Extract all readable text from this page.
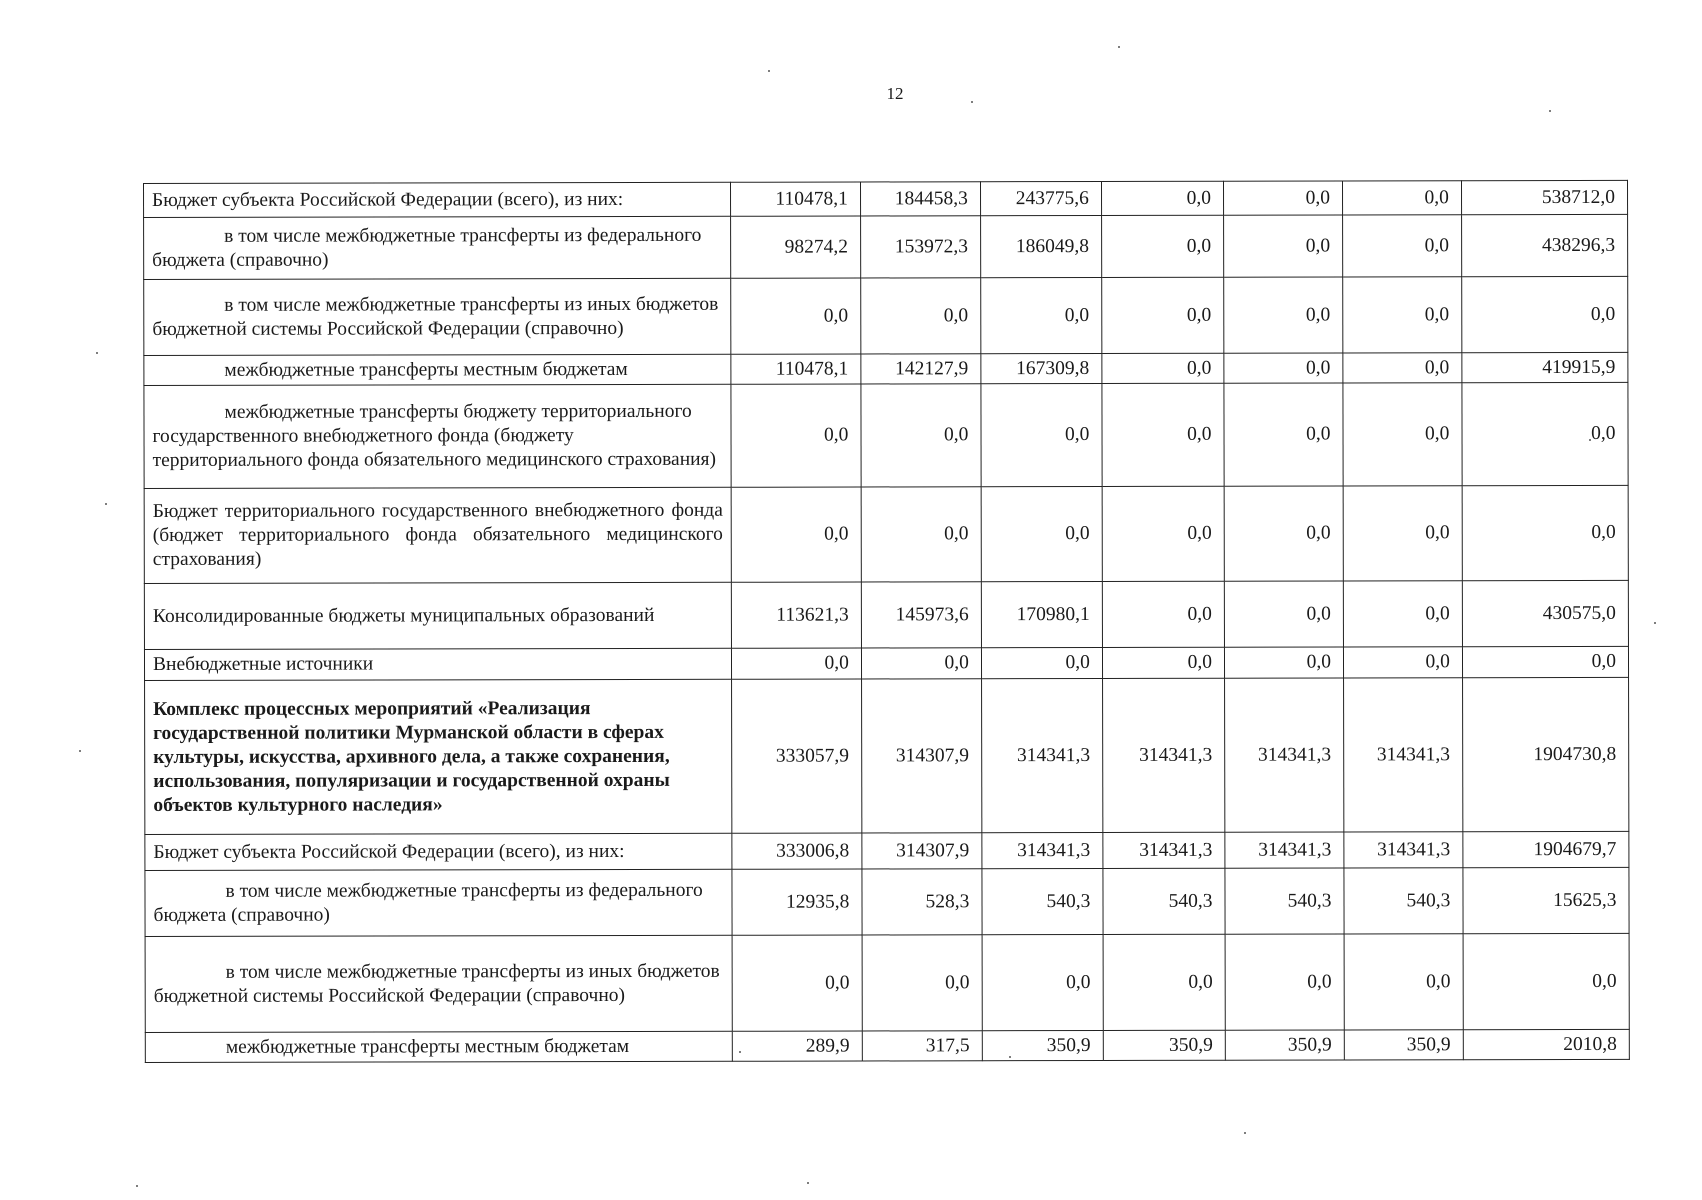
12
Бюджет субъекта Российской Федерации (всего), из них:	110478,1	184458,3	243775,6	0,0	0,0	0,0	538712,0
в том числе межбюджетные трансферты из федерального бюджета (справочно)	98274,2	153972,3	186049,8	0,0	0,0	0,0	438296,3
в том числе межбюджетные трансферты из иных бюджетов бюджетной системы Российской Федерации (справочно)	0,0	0,0	0,0	0,0	0,0	0,0	0,0
межбюджетные трансферты местным бюджетам	110478,1	142127,9	167309,8	0,0	0,0	0,0	419915,9
межбюджетные трансферты бюджету территориального государственного внебюджетного фонда (бюджету территориального фонда обязательного медицинского страхования)	0,0	0,0	0,0	0,0	0,0	0,0	0,0
Бюджет территориального государственного внебюджетного фонда (бюджет территориального фонда обязательного медицинского страхования)	0,0	0,0	0,0	0,0	0,0	0,0	0,0
Консолидированные бюджеты муниципальных образований	113621,3	145973,6	170980,1	0,0	0,0	0,0	430575,0
Внебюджетные источники	0,0	0,0	0,0	0,0	0,0	0,0	0,0
Комплекс процессных мероприятий «Реализация государственной политики Мурманской области в сферах культуры, искусства, архивного дела, а также сохранения, использования, популяризации и государственной охраны объектов культурного наследия»	333057,9	314307,9	314341,3	314341,3	314341,3	314341,3	1904730,8
Бюджет субъекта Российской Федерации (всего), из них:	333006,8	314307,9	314341,3	314341,3	314341,3	314341,3	1904679,7
в том числе межбюджетные трансферты из федерального бюджета (справочно)	12935,8	528,3	540,3	540,3	540,3	540,3	15625,3
в том числе межбюджетные трансферты из иных бюджетов бюджетной системы Российской Федерации (справочно)	0,0	0,0	0,0	0,0	0,0	0,0	0,0
межбюджетные трансферты местным бюджетам	289,9	317,5	350,9	350,9	350,9	350,9	2010,8
